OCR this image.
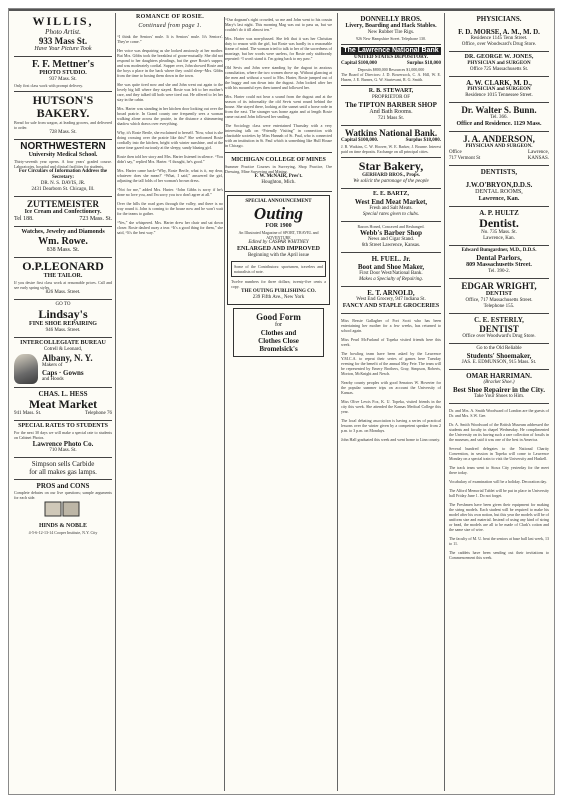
WILLIS,
Photo Artist.
933 Mass St.
Have Your Picture Took
F. F. Mettner's
PHOTO STUDIO.
937 Mass. St.
Only first class work with prompt delivery.
HUTSON'S
BAKERY.
Bread for sale from wagon, at leading grocers, and delivered to order.
728 Mass. St.
NORTHWESTERN
University Medical School.
Thirty-seventh year opens. A four years' graded course. Laboratories, hospital and clinical facilities for students.
For Circulars of Information Address the Secretary:
DR. N. S. DAVIS, JR.
2431 Dearborn St. Chicago, Ill.
ZUTTEMEISTER
Ice Cream and Confectionery.
Tel 188.	723 Mass. St.
Watches, Jewelry and Diamonds
Wm. Rowe.
838 Mass. St.
O.P.LEONARD
THE TAILOR.
If you desire first class work at reasonable prices. Call and see early spring styles.
826 Mass. Street.
GO TO
Lindsay's
FINE SHOE REPAIRING
946 Mass. Street.
INTERCOLLEGIATE BUREAU
Cotrell & Leonard,
Albany, N. Y.
Makers of
Caps · Gowns
and Hoods
CHAS. L. HESS
Meat Market
941 Mass. St.	Telephone 76
SPECIAL RATES TO STUDENTS
For the next 30 days we will make a special rate to students on Cabinet Photos.
Lawrence Photo Co.
710 Mass. St.
Simpson sells Carbide
for all makes gas lamps.
PROS and CONS
Complete debates on our live questions; sample arguments for each side.
HINDS & NOBLE
4-5-6-12-13-14 Cooper Institute, N.Y. City
ROMANCE OF ROSIE.
Continued from page 1.

“I think the Seniors' mule. It is Seniors' mule. It's Seniors'. They're come.”

Her voice was despairing as she looked anxiously at her mother. But Mrs. Gibbs took the breakfast of goose-mutually. She did not respond to her daughters pleadings, but the gave Rosie's supper, and was moderately cordial. Supper over, John showed Rosie and the boys a place in the back where they could sleep--Mrs. Gibbs from the time to boxing them down in the town.

She was quite tired now and she and John went out again to the lovely big hill where they stayed. Rosie was left to her mother's care, and they talked till both were tired out. He offered to let her stay in the cabin.

Mrs. Harter was standing in her kitchen door looking out over the broad prairie. In Grand county one frequently sees a woman walking alone across the prairie, in the distance a shimmering shadow which draws over everything.

Why, it's Rosie Bertle, she exclaimed to herself. 'Now, what is she doing crossing over the prairie like this?' She welcomed Rosie cordially into the kitchen, bright with winter sunshine, and at the same time gazed curiously at the sleepy, sandy blazing girl.

Rosie then told her story and Mrs. Harter listened in silence. “You didn't say,” replied Mrs. Harter. “I thought, he's good.”

Mrs. Harter came back--'Why, Rosie Bertle, what is it, my dear, whatever does she mean?' “What, I said,” answered the girl, adjusting the tall folds of her woman's brown dress.

“Not for me,” added Mrs. Harter. “John Gibbs is sorry if he's done no love you, and I'm sorry you two don't agree at all.”

Over the hills the road goes through the valley, and there is no way round it. John is coming to the house now and he won't wait for the teams to gather.

“Yes,” she whispered. Mrs. Harter drew her chair and sat down closer. Rosie dashed away a tear. “It's a good thing for them,” she said, “It's the best way.”

“Our dognant's right crowded, so me and John went to his cousin Mary's last night. This morning Mag was out to pass us, but we couldn't do it till almost ten.”

Mrs. Harter was non-plussed. She felt that it was her Christian duty to reason with the girl, but Rosie was hardly in a reasonable frame of mind. The woman tried to talk to her of the sacredness of marriage, but her words were useless, for Rosie only stubbornly repeated: “I won't stand it. I'm going back to my paw.”

Old Sevis and John were standing by the dugout in anxious consultation, where the two women drove up. Without glancing at the men and without a word to Mrs. Harter, Rosie jumped out of the buggy and ran down into the dugout. John looked after her with his mournful eyes then turned and followed her.

Mrs. Harter could not hear a sound from the dugout and at the season of its informality the old Sevis went round behind the house. She stayed there, looking at the sunset until a horse rode in from the east. The stranger was home again and at length Rosie came out and John followed her smiling.

The Sociology class were entertained Thursday with a very interesting talk on “Friendly Visiting” in connection with charitable societies by Miss Hannah of St. Paul, who is connected with an institution in St. Paul which is something like Hull House in Chicago.

MICHIGAN COLLEGE OF MINES
Summer Practice Courses in Surveying, Shop Practice, Ore Dressing, Mine Surveying and Mining.
F. W. McNAIR, Pres't.
Houghton, Mich.
SPECIAL ANNOUNCEMENT
Outing
FOR 1900
An Illustrated Magazine of SPORT, TRAVEL and ADVENTURE
Edited by CASPAR WHITNEY
ENLARGED AND IMPROVED
Beginning with the April issue
Some of the Contributors: sportsmen, travelers and naturalists of note.
Twelve numbers for three dollars; twenty-five cents a copy.
THE OUTING PUBLISHING CO.
239 Fifth Ave., New York
Good Form
for
Clothes and
Clothes Close
Bromelsick's
DONNELLY BROS.
Livery, Boarding and Hack Stables.
New Rubber Tire Rigs.
926 New Hampshire Street. Telephone 130.
The Lawrence National Bank
UNITED STATES DEPOSITORY.
Capital $100,000	Surplus $18,000
Deposits $800,000 Resources $1,000,000
The Board of Directors: J. D. Bowersock, C. A. Hill, W. E. Hazen, J. E. Barnes, G. W. Sturtevant, R. G. Smith.
R. B. STEWART,
PROPRIETOR OF
The TIPTON BARBER SHOP
And Bath Rooms.
721 Mass St.
Watkins National Bank.
Capital $100,000.	Surplus $18,000.
J. B. Watkins, C. W. Hoover, W. E. Barker, J. Bourne. Interest paid on time deposits. Exchange on all principal cities.
Star Bakery,
GERHARD BROS., Props.
We solicit the patronage of the people
E. E. BARTZ,
West End Meat Market,
Fresh and Salt Meats.
Special rates given to clubs.
Razors Honed, Concaved and Reshanged.
Webb's Barber Shop
News and Cigar Stand.
6th Street Lawrence, Kansas.
H. FUEL. Jr.
Boot and Shoe Maker,
First Door West/National Bank.
Makes a Specialty of Repairing.
E. T. ARNOLD,
West End Grocery, 947 Indiana St.
FANCY AND STAPLE GROCERIES

Miss Bessie Gallagher of Fort Scott who has been entertaining her mother for a few weeks, has returned to school again.

Miss Pearl McFarland of Topeka visited friends here this week.

The bowling team have been asked by the Lawrence Y.M.C.A. to repeat their series of games here Tuesday evening for the benefit of the annual May Fete. The team will be represented by Emery Brothers, Gray, Simpson, Roberts, Morton, McKnight and Nesch.

Nearby county peoples with good Senators W. Hoverter for the popular summer trips on account the University of Kansas.

Miss Olive Lewis Fox, K. U. Topeka, visited friends in the city this week. She attended the Kansas Medical College this year.

The local debating association is having a series of practical lessons over the winter given by a competent speaker from 2 p.m. to 3 p.m. on Mondays.

John Hall graduated this week and went home to Linn county.

PHYSICIANS.
F. D. MORSE, A. M., M. D.
Residence 1145 Tenn Street.
Office, over Woodward's Drug Store.
DR. GEORGE W. JONES,
PHYSICIAN and SURGEON
Office 725 Massachusetts St.
A. W. CLARK, M. D.,
PHYSICIAN and SURGEON
Residence 1015 Tennessee Street.
Dr. Walter S. Bunn.
Tel. 366.
Office and Residence. 1129 Mass.
J. A. ANDERSON,
PHYSICIAN AND SURGEON.
Office	Lawrence,
717 Vermont St	KANSAS.
DENTISTS,
J.W.O'BRYON,D.D.S.
DENTAL ROOMS,
Lawrence, Kan.
A. P. HULTZ
Dentist.
No. 735 Mass. St.
Lawrence, Kan.
Edward Bumgardner, M.D., D.D.S.
Dental Parlors,
809 Massachusetts Street.
Tel. 390-2.
EDGAR WRIGHT,
DENTIST
Office, 717 Massachusetts Street.
Telephone 155.
C. E. ESTERLY,
DENTIST
Office over Woodward's Drug Store.
Go to the Old Reliable
Students' Shoemaker,
JAS. E. EDMUNSON, 915 Mass. St.
OMAR HARRIMAN.
(Bracket Shoe.)
Best Shoe Repairer in the City.
Take Your Shoes to Him.

Dr. and Mrs. A. Smith Woodward of London are the guests of Dr. and Mrs. S.W. Gee.

Dr. A. Smith Woodward of the British Museum addressed the students and faculty in chapel Wednesday. He complimented the University on its having such a rare collection of fossils in the museum, and said it was one of the best in America.

Several hundred delegates to the National Charity Convention, in session in Topeka will come to Lawrence Monday on a special train to visit the University and Haskell.

The track team went to Sioux City yesterday for the meet there today.

Vocabulary of examination will be a holiday. Decoration day.

The Alford Memorial Tablet will be put in place in University hall Friday June 1. Do not forget.

The Freshmen have been given their equipment for making the string models. Each student will be required to make his model after his own notion, but this year the models will be of uniform size and material. Instead of using any kind of string or bead, the models are all to be made of Clark's cotton and the same size of wire.

The faculty of M. U. beat the seniors at base ball last week, 13 to 11.

The caddets have been sending out their invitations to Commencement this week.
